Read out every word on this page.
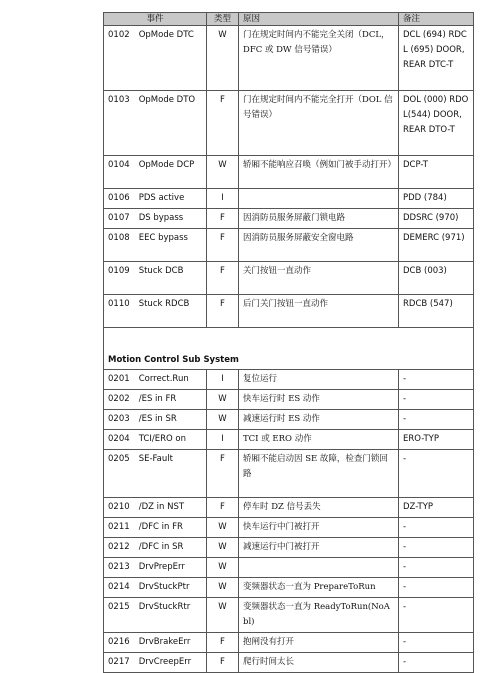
事件	类型	原因	备注
0102 OpMode DTC	W	门在规定时间内不能完全关闭（DCL，DFC 或 DW 信号错误）	DCL (694) RDCL (695) DOOR, REAR DTC-T
0103 OpMode DTO	F	门在规定时间内不能完全打开（DOL 信号错误）	DOL (000) RDOL(544) DOOR, REAR DTO-T
0104 OpMode DCP	W	轿厢不能响应召唤（例如门被手动打开）	DCP-T
0106 PDS active	I		PDD (784)
0107 DS bypass	F	因消防员服务屏蔽门锁电路	DDSRC (970)
0108 EEC bypass	F	因消防员服务屏蔽安全窗电路	DEMERC (971)
0109 Stuck DCB	F	关门按钮一直动作	DCB (003)
0110 Stuck RDCB	F	后门关门按钮一直动作	RDCB (547)
Motion Control Sub System			
0201 Correct.Run	I	复位运行	-
0202 /ES in FR	W	快车运行时 ES 动作	-
0203 /ES in SR	W	减速运行时 ES 动作	-
0204 TCI/ERO on	I	TCI 或 ERO 动作	ERO-TYP
0205 SE-Fault	F	轿厢不能启动因 SE 故障，检查门锁回路	-
0210 /DZ in NST	F	停车时 DZ 信号丢失	DZ-TYP
0211 /DFC in FR	W	快车运行中门被打开	-
0212 /DFC in SR	W	减速运行中门被打开	-
0213 DrvPrepErr	W		-
0214 DrvStuckPtr	W	变频器状态一直为 PrepareToRun	-
0215 DrvStuckRtr	W	变频器状态一直为 ReadyToRun(NoAbl)	-
0216 DrvBrakeErr	F	抱闸没有打开	-
0217 DrvCreepErr	F	爬行时间太长	-
